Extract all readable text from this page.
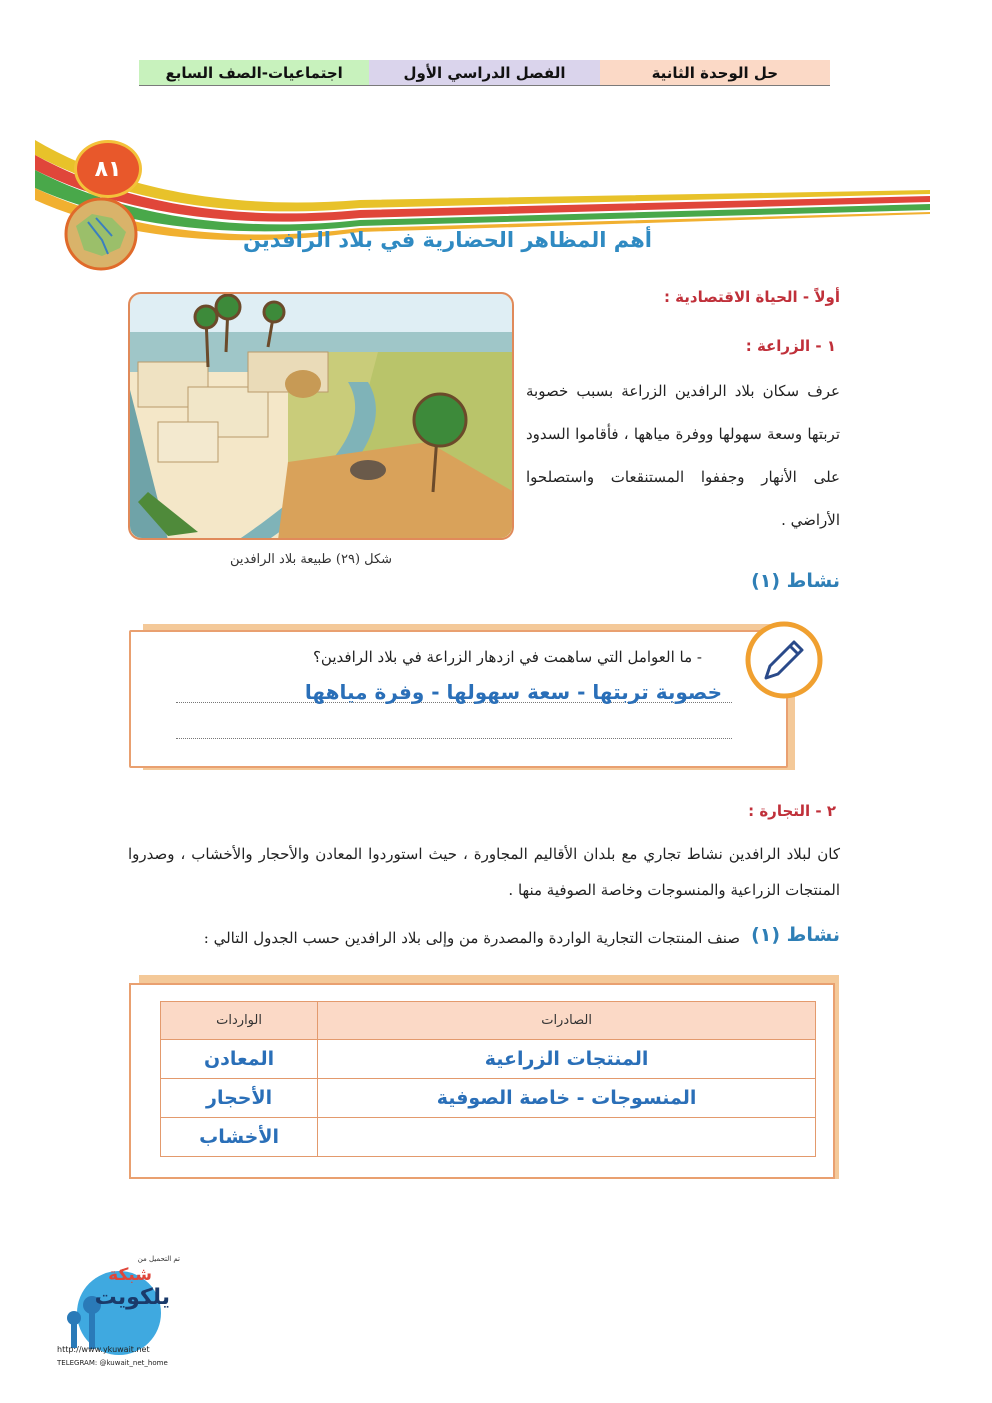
حل الوحدة الثانية
الفصل الدراسي الأول
اجتماعيات-الصف السابع
٨١
أهم المظاهر الحضارية في بلاد الرافدين
أولاً - الحياة الاقتصادية :
١ - الزراعة :
عرف سكان بلاد الرافدين الزراعة بسبب خصوبة تربتها وسعة سهولها ووفرة مياهها ، فأقاموا السدود على الأنهار وجففوا المستنقعات واستصلحوا الأراضي .
شكل (٢٩) طبيعة بلاد الرافدين
نشاط (١)
- ما العوامل التي ساهمت في ازدهار الزراعة في بلاد الرافدين؟
خصوبة تربتها - سعة سهولها - وفرة مياهها
٢ - التجارة :
كان لبلاد الرافدين نشاط تجاري مع بلدان الأقاليم المجاورة ، حيث استوردوا المعادن والأحجار والأخشاب ، وصدروا المنتجات الزراعية والمنسوجات وخاصة الصوفية منها .
نشاط (١)
صنف المنتجات التجارية الواردة والمصدرة من وإلى بلاد الرافدين حسب الجدول التالي :
الصادرات	الواردات
المنتجات الزراعية	المعادن
المنسوجات - خاصة الصوفية	الأحجار
	الأخشاب
تم التحميل من
شبكة
يلكويت
http://www.ykuwait.net
TELEGRAM: @kuwait_net_home
